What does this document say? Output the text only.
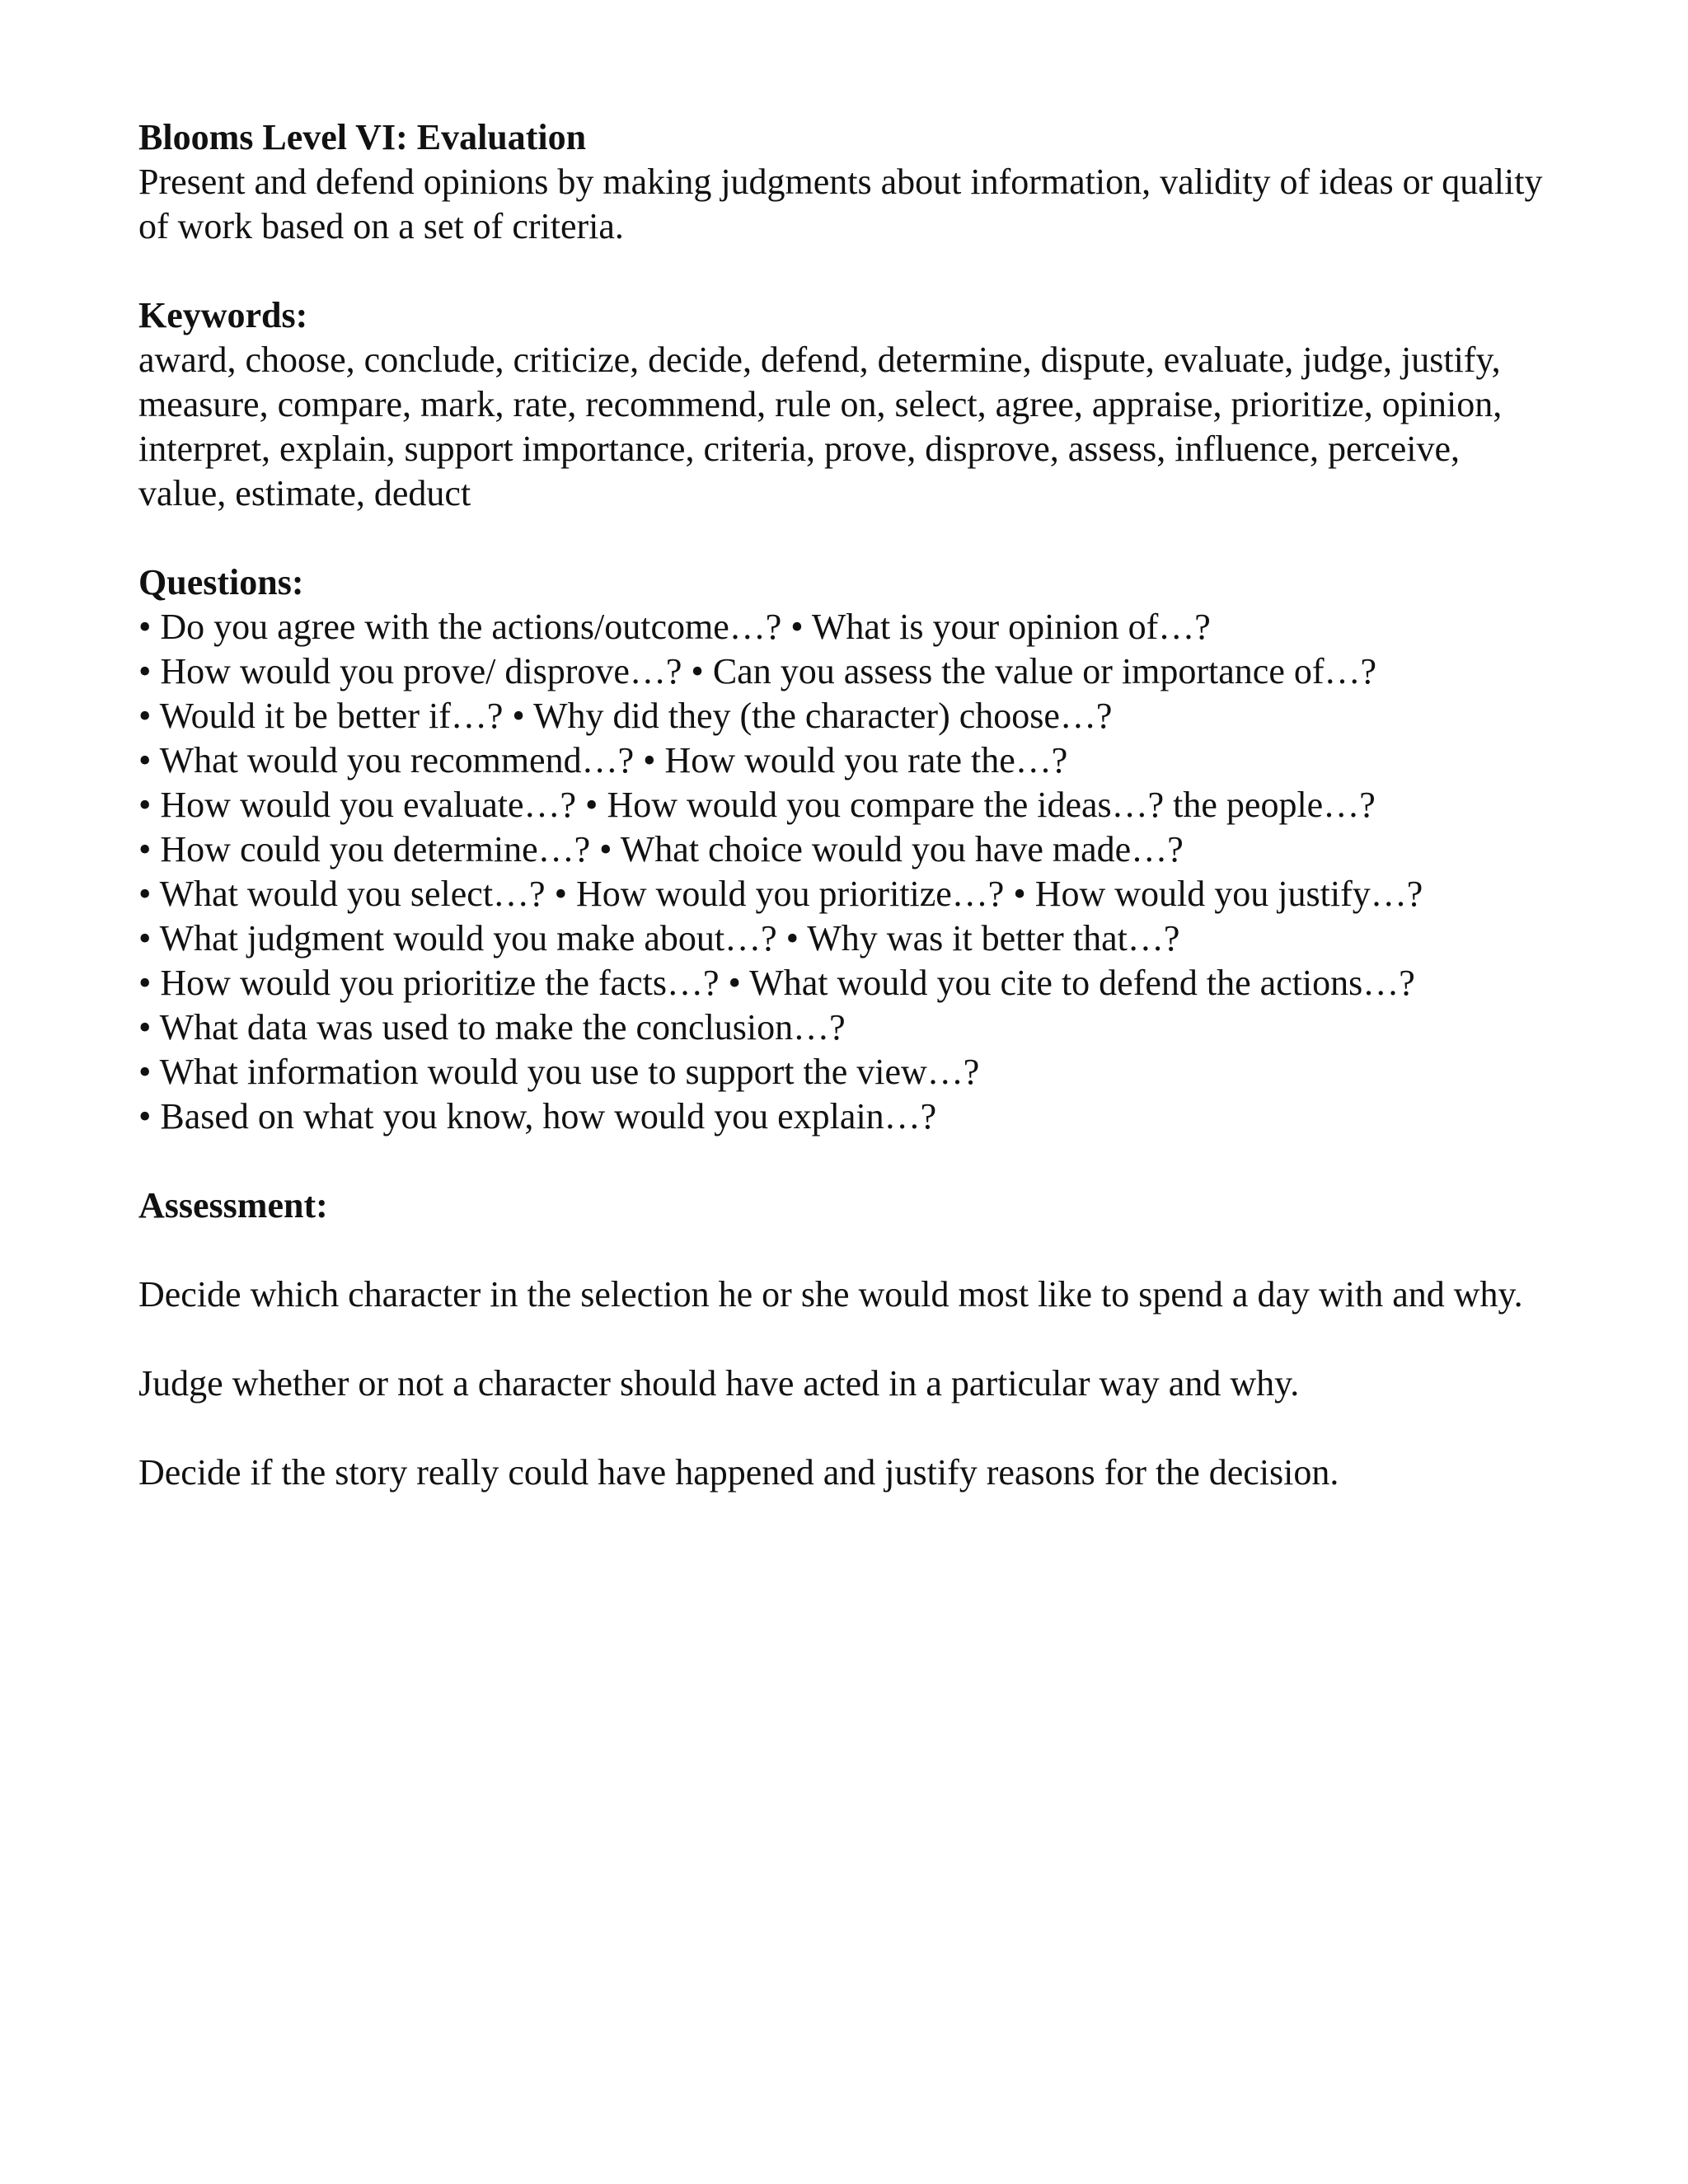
Blooms Level VI: Evaluation

Present and defend opinions by making judgments about information, validity of ideas or quality of work based on a set of criteria.

Keywords:

award, choose, conclude, criticize, decide, defend, determine, dispute, evaluate, judge, justify, measure, compare, mark, rate, recommend, rule on, select, agree, appraise, prioritize, opinion, interpret, explain, support importance, criteria, prove, disprove, assess, influence, perceive, value, estimate, deduct

Questions:

• Do you agree with the actions/outcome…? • What is your opinion of…?
• How would you prove/ disprove…? • Can you assess the value or importance of…?
• Would it be better if…? • Why did they (the character) choose…?
• What would you recommend…? • How would you rate the…?
• How would you evaluate…? • How would you compare the ideas…? the people…?
• How could you determine…? • What choice would you have made…?
• What would you select…? • How would you prioritize…? • How would you justify…?
• What judgment would you make about…? • Why was it better that…?
• How would you prioritize the facts…? • What would you cite to defend the actions…?
• What data was used to make the conclusion…?
• What information would you use to support the view…?
• Based on what you know, how would you explain…?

Assessment:

Decide which character in the selection he or she would most like to spend a day with and why.

Judge whether or not a character should have acted in a particular way and why.

Decide if the story really could have happened and justify reasons for the decision.
